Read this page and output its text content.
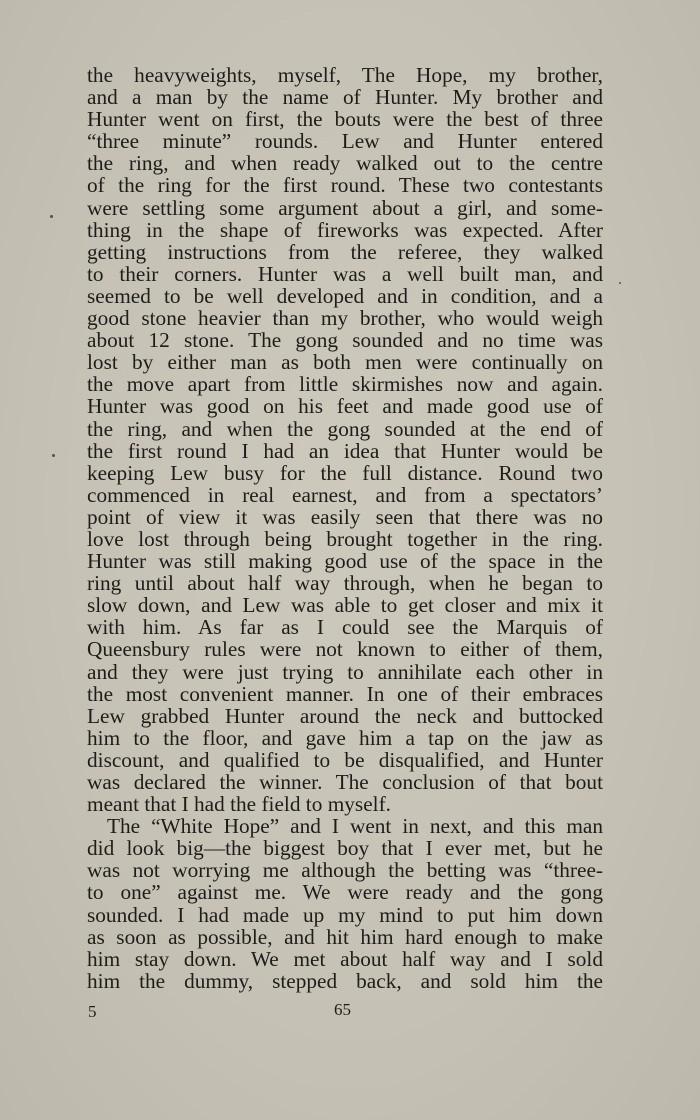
the heavyweights, myself, The Hope, my brother,
and a man by the name of Hunter. My brother and
Hunter went on first, the bouts were the best of three
“three minute” rounds. Lew and Hunter entered
the ring, and when ready walked out to the centre
of the ring for the first round. These two contestants
were settling some argument about a girl, and some-
thing in the shape of fireworks was expected. After
getting instructions from the referee, they walked
to their corners. Hunter was a well built man, and
seemed to be well developed and in condition, and a
good stone heavier than my brother, who would weigh
about 12 stone. The gong sounded and no time was
lost by either man as both men were continually on
the move apart from little skirmishes now and again.
Hunter was good on his feet and made good use of
the ring, and when the gong sounded at the end of
the first round I had an idea that Hunter would be
keeping Lew busy for the full distance. Round two
commenced in real earnest, and from a spectators’
point of view it was easily seen that there was no
love lost through being brought together in the ring.
Hunter was still making good use of the space in the
ring until about half way through, when he began to
slow down, and Lew was able to get closer and mix it
with him. As far as I could see the Marquis of
Queensbury rules were not known to either of them,
and they were just trying to annihilate each other in
the most convenient manner. In one of their embraces
Lew grabbed Hunter around the neck and buttocked
him to the floor, and gave him a tap on the jaw as
discount, and qualified to be disqualified, and Hunter
was declared the winner. The conclusion of that bout
meant that I had the field to myself.
The “White Hope” and I went in next, and this man
did look big—the biggest boy that I ever met, but he
was not worrying me although the betting was “three-
to one” against me. We were ready and the gong
sounded. I had made up my mind to put him down
as soon as possible, and hit him hard enough to make
him stay down. We met about half way and I sold
him the dummy, stepped back, and sold him the
5	65
